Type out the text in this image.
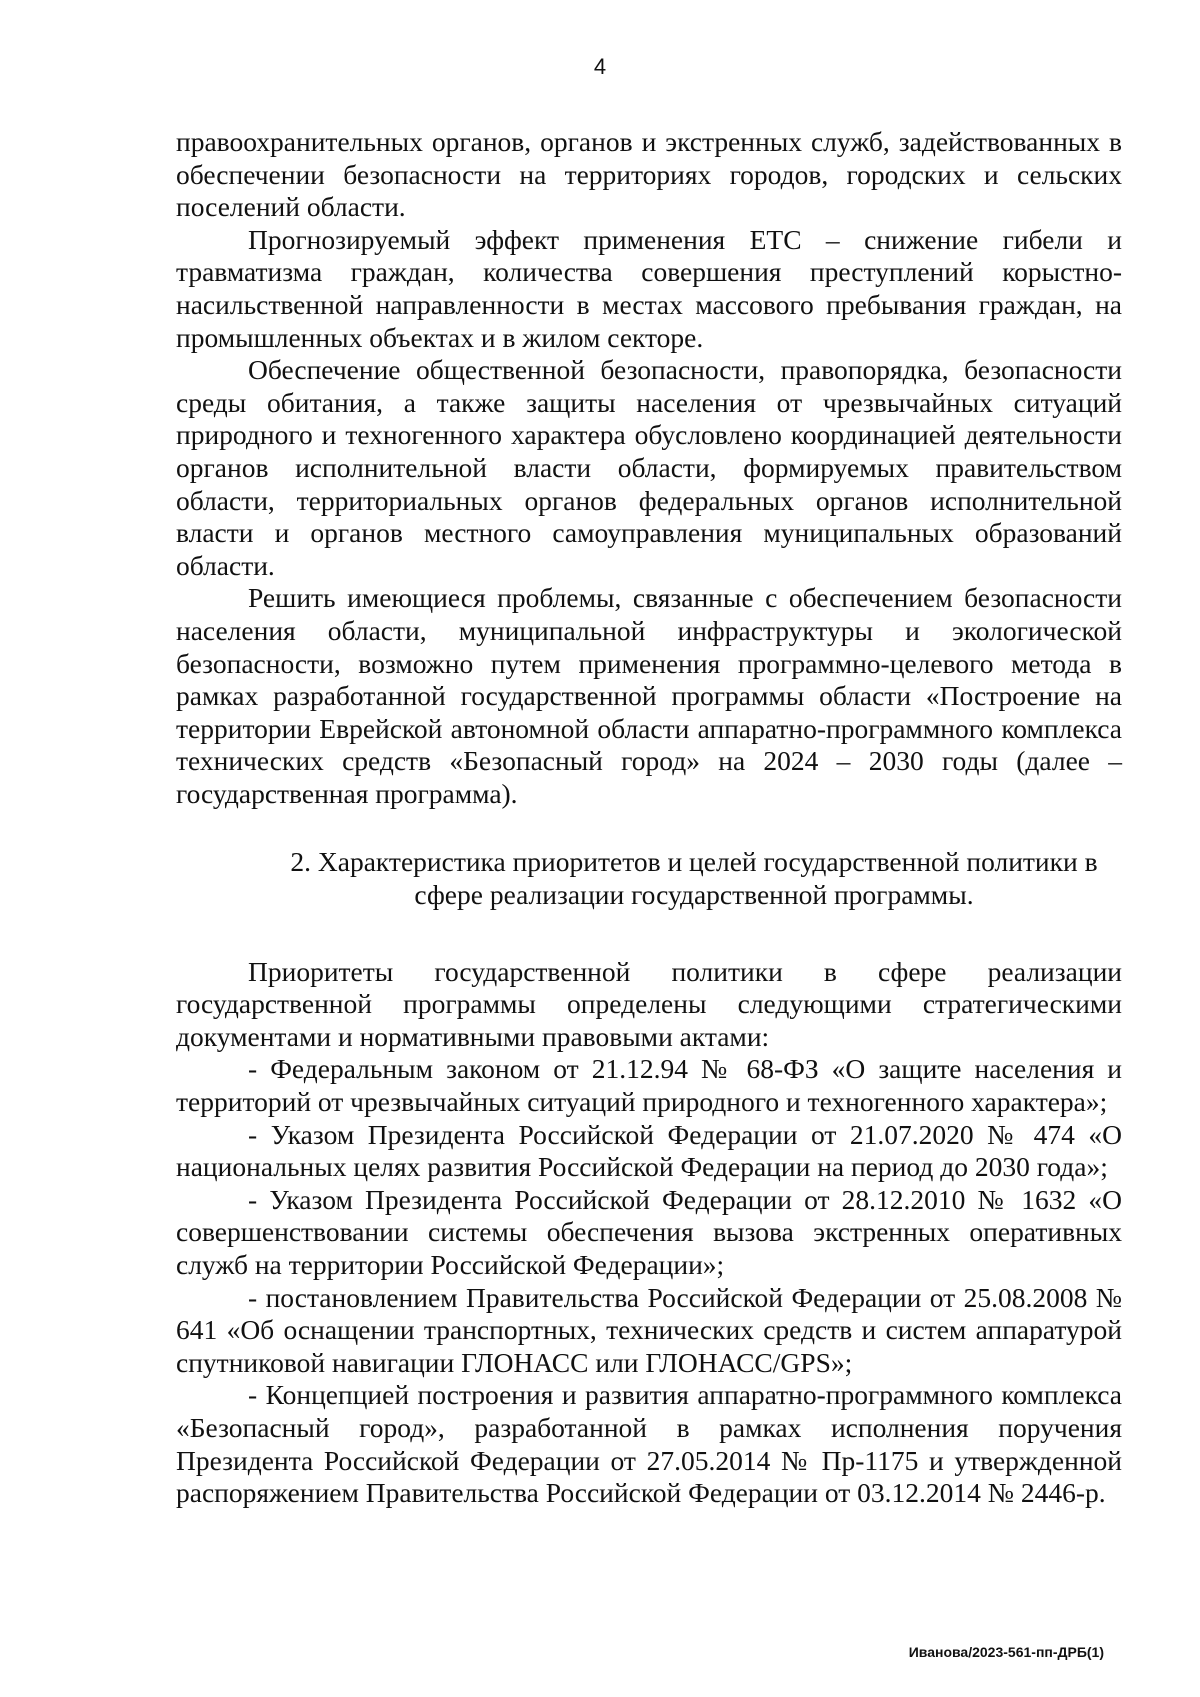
4

правоохранительных органов, органов и экстренных служб, задействованных в обеспечении безопасности на территориях городов, городских и сельских поселений области.

Прогнозируемый эффект применения ЕТС – снижение гибели и травматизма граждан, количества совершения преступлений корыстно-насильственной направленности в местах массового пребывания граждан, на промышленных объектах и в жилом секторе.

Обеспечение общественной безопасности, правопорядка, безопасности среды обитания, а также защиты населения от чрезвычайных ситуаций природного и техногенного характера обусловлено координацией деятельности органов исполнительной власти области, формируемых правительством области, территориальных органов федеральных органов исполнительной власти и органов местного самоуправления муниципальных образований области.

Решить имеющиеся проблемы, связанные с обеспечением безопасности населения области, муниципальной инфраструктуры и экологической безопасности, возможно путем применения программно-целевого метода в рамках разработанной государственной программы области «Построение на территории Еврейской автономной области аппаратно-программного комплекса технических средств «Безопасный город» на 2024 – 2030 годы (далее – государственная программа).

2. Характеристика приоритетов и целей государственной политики в
сфере реализации государственной программы.

Приоритеты государственной политики в сфере реализации государственной программы определены следующими стратегическими документами и нормативными правовыми актами:

- Федеральным законом от 21.12.94 № 68-ФЗ «О защите населения и территорий от чрезвычайных ситуаций природного и техногенного характера»;

- Указом Президента Российской Федерации от 21.07.2020 № 474 «О национальных целях развития Российской Федерации на период до 2030 года»;

- Указом Президента Российской Федерации от 28.12.2010 № 1632 «О совершенствовании системы обеспечения вызова экстренных оперативных служб на территории Российской Федерации»;

- постановлением Правительства Российской Федерации от 25.08.2008 № 641 «Об оснащении транспортных, технических средств и систем аппаратурой спутниковой навигации ГЛОНАСС или ГЛОНАСС/GPS»;

- Концепцией построения и развития аппаратно-программного комплекса «Безопасный город», разработанной в рамках исполнения поручения Президента Российской Федерации от 27.05.2014 № Пр-1175 и утвержденной распоряжением Правительства Российской Федерации от 03.12.2014 № 2446-р.

Иванова/2023-561-пп-ДРБ(1)
